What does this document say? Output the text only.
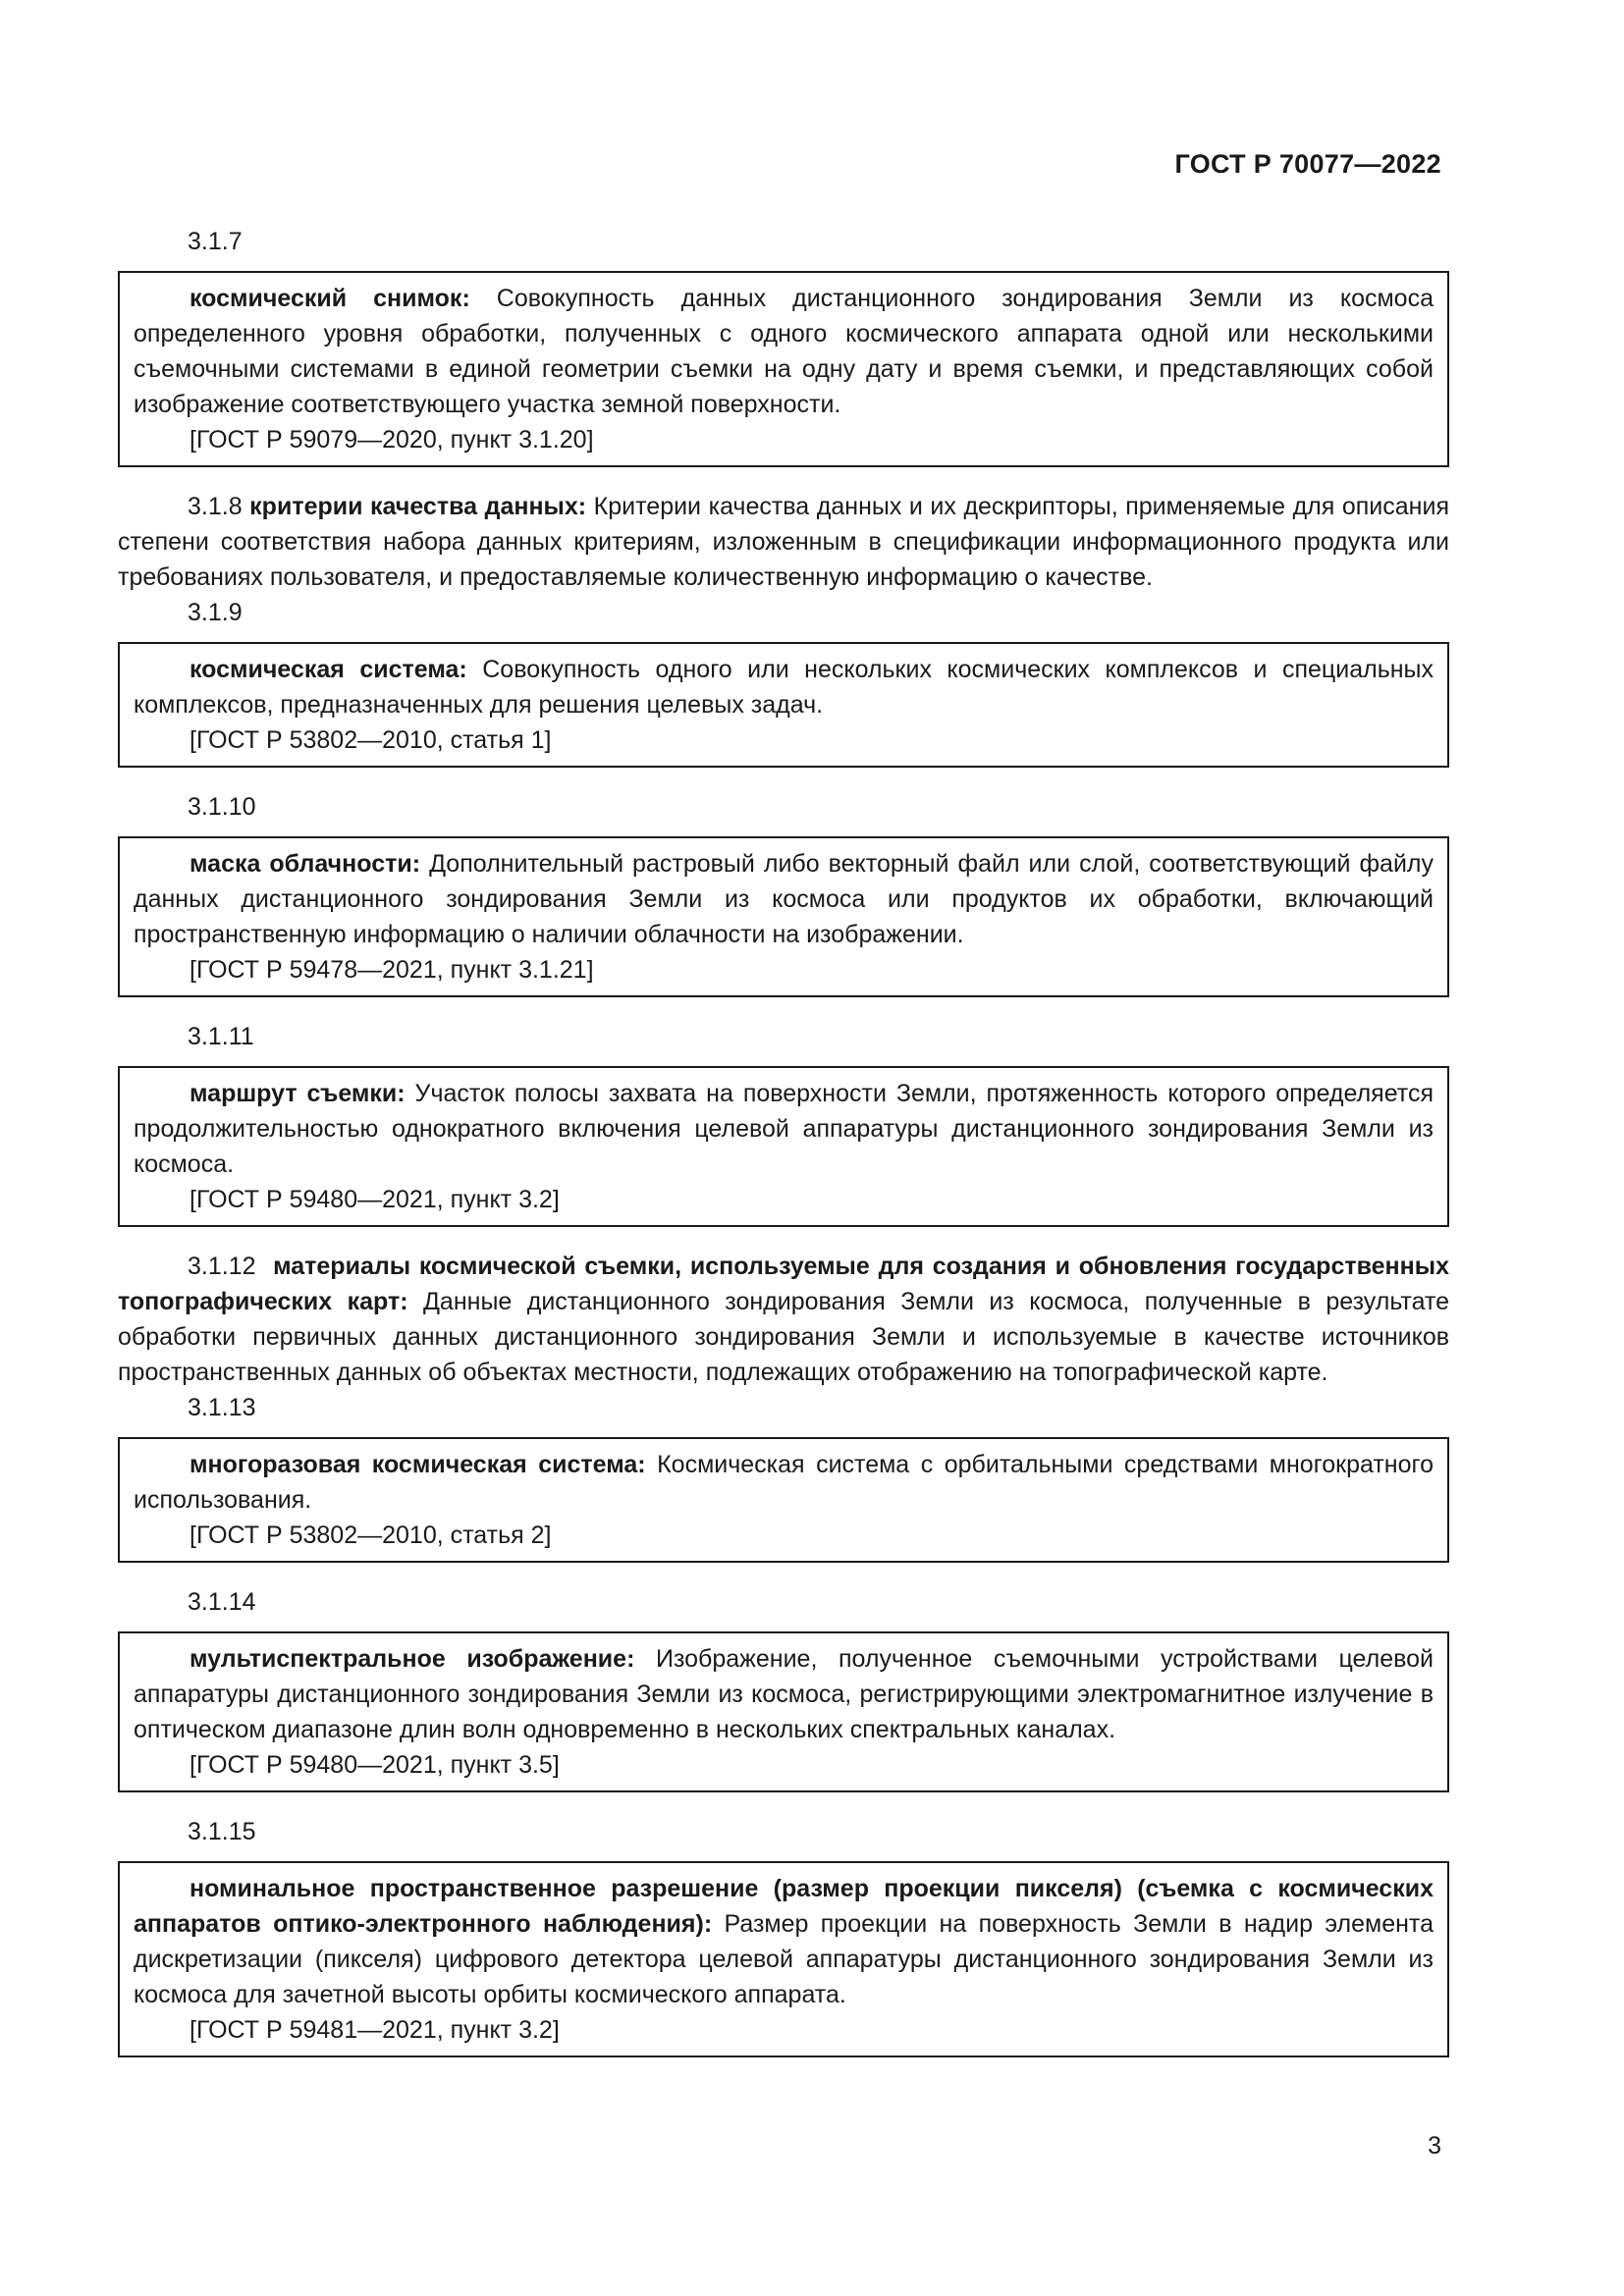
ГОСТ Р 70077—2022

3.1.7

космический снимок: Совокупность данных дистанционного зондирования Земли из космоса определенного уровня обработки, полученных с одного космического аппарата одной или несколькими съемочными системами в единой геометрии съемки на одну дату и время съемки, и представляющих собой изображение соответствующего участка земной поверхности.

[ГОСТ Р 59079—2020, пункт 3.1.20]

3.1.8 критерии качества данных: Критерии качества данных и их дескрипторы, применяемые для описания степени соответствия набора данных критериям, изложенным в спецификации информационного продукта или требованиях пользователя, и предоставляемые количественную информацию о качестве.

3.1.9

космическая система: Совокупность одного или нескольких космических комплексов и специальных комплексов, предназначенных для решения целевых задач.

[ГОСТ Р 53802—2010, статья 1]

3.1.10

маска облачности: Дополнительный растровый либо векторный файл или слой, соответствующий файлу данных дистанционного зондирования Земли из космоса или продуктов их обработки, включающий пространственную информацию о наличии облачности на изображении.

[ГОСТ Р 59478—2021, пункт 3.1.21]

3.1.11

маршрут съемки: Участок полосы захвата на поверхности Земли, протяженность которого определяется продолжительностью однократного включения целевой аппаратуры дистанционного зондирования Земли из космоса.

[ГОСТ Р 59480—2021, пункт 3.2]

3.1.12 материалы космической съемки, используемые для создания и обновления государственных топографических карт: Данные дистанционного зондирования Земли из космоса, полученные в результате обработки первичных данных дистанционного зондирования Земли и используемые в качестве источников пространственных данных об объектах местности, подлежащих отображению на топографической карте.

3.1.13

многоразовая космическая система: Космическая система с орбитальными средствами многократного использования.

[ГОСТ Р 53802—2010, статья 2]

3.1.14

мультиспектральное изображение: Изображение, полученное съемочными устройствами целевой аппаратуры дистанционного зондирования Земли из космоса, регистрирующими электромагнитное излучение в оптическом диапазоне длин волн одновременно в нескольких спектральных каналах.

[ГОСТ Р 59480—2021, пункт 3.5]

3.1.15

номинальное пространственное разрешение (размер проекции пикселя) (съемка с космических аппаратов оптико-электронного наблюдения): Размер проекции на поверхность Земли в надир элемента дискретизации (пикселя) цифрового детектора целевой аппаратуры дистанционного зондирования Земли из космоса для зачетной высоты орбиты космического аппарата.

[ГОСТ Р 59481—2021, пункт 3.2]

3
